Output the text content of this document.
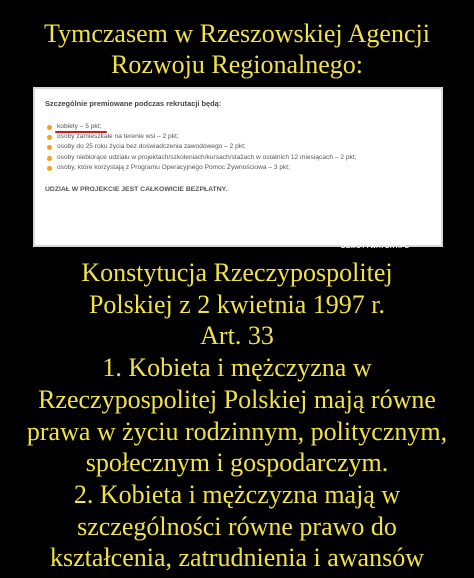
Tymczasem w Rzeszowskiej Agencji
Rozwoju Regionalnego:
Szczególnie premiowane podczas rekrutacji będą:
kobiety – 5 pkt;
osoby zamieszkałe na terenie wsi – 2 pkt;
osoby do 25 roku życia bez doświadczenia zawodowego – 2 pkt;
osoby niebiorące udziału w projektach/szkoleniach/kursach/stażach w ostatnich 12 miesiącach – 2 pkt;
osoby, które korzystają z Programu Operacyjnego Pomoc Żywnościowa – 3 pkt;
UDZIAŁ W PROJEKCIE JEST CAŁKOWICIE BEZPŁATNY.
DEMOTYWATORY.PL
Konstytucja Rzeczypospolitej
Polskiej z 2 kwietnia 1997 r.
Art. 33
1. Kobieta i mężczyzna w
Rzeczypospolitej Polskiej mają równe
prawa w życiu rodzinnym, politycznym,
społecznym i gospodarczym.
2. Kobieta i mężczyzna mają w
szczególności równe prawo do
kształcenia, zatrudnienia i awansów
